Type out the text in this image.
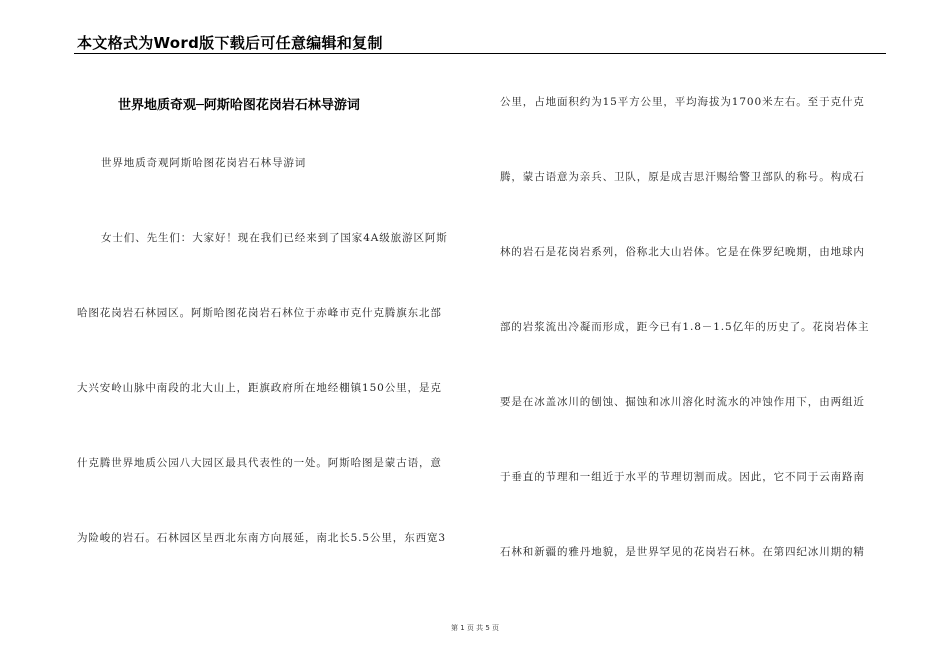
本文格式为Word版下载后可任意编辑和复制
世界地质奇观─阿斯哈图花岗岩石林导游词
世界地质奇观阿斯哈图花岗岩石林导游词
女士们、先生们：大家好！现在我们已经来到了国家4A级旅游区阿斯
哈图花岗岩石林园区。阿斯哈图花岗岩石林位于赤峰市克什克腾旗东北部
大兴安岭山脉中南段的北大山上，距旗政府所在地经棚镇150公里，是克
什克腾世界地质公园八大园区最具代表性的一处。阿斯哈图是蒙古语，意
为险峻的岩石。石林园区呈西北东南方向展延，南北长5.5公里，东西宽3
公里，占地面积约为15平方公里，平均海拔为1700米左右。至于克什克
腾，蒙古语意为亲兵、卫队，原是成吉思汗赐给警卫部队的称号。构成石
林的岩石是花岗岩系列，俗称北大山岩体。它是在侏罗纪晚期，由地球内
部的岩浆流出冷凝而形成，距今已有1.8－1.5亿年的历史了。花岗岩体主
要是在冰盖冰川的刨蚀、掘蚀和冰川溶化时流水的冲蚀作用下，由两组近
于垂直的节理和一组近于水平的节理切割而成。因此，它不同于云南路南
石林和新疆的雅丹地貌，是世界罕见的花岗岩石林。在第四纪冰川期的精
第 1 页 共 5 页
